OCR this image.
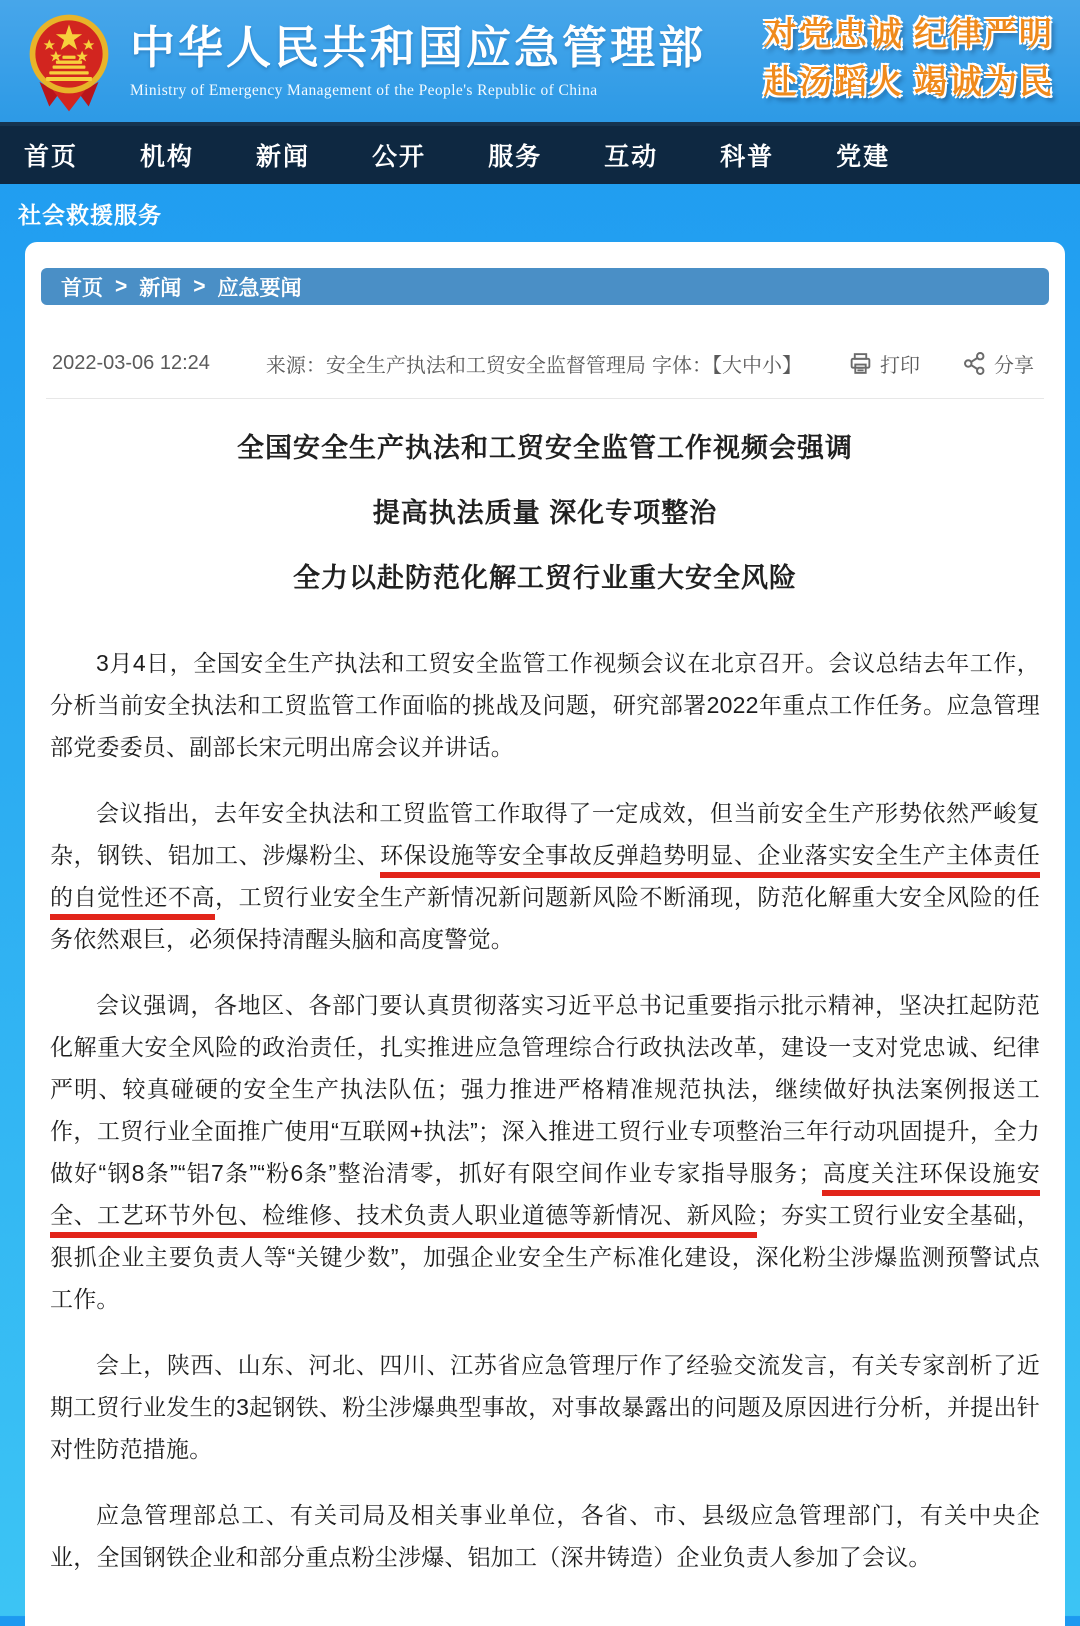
中华人民共和国应急管理部
Ministry of Emergency Management of the People's Republic of China
对党忠诚 纪律严明
赴汤蹈火 竭诚为民
首页 机构 新闻 公开 服务 互动 科普 党建
社会救援服务
首页 > 新闻 > 应急要闻
2022-03-06 12:24	来源：安全生产执法和工贸安全监督管理局 字体：【大中小】	打印	分享
全国安全生产执法和工贸安全监管工作视频会强调
提高执法质量 深化专项整治
全力以赴防范化解工贸行业重大安全风险

3月4日，全国安全生产执法和工贸安全监管工作视频会议在北京召开。会议总结去年工作，分析当前安全执法和工贸监管工作面临的挑战及问题，研究部署2022年重点工作任务。应急管理部党委委员、副部长宋元明出席会议并讲话。

会议指出，去年安全执法和工贸监管工作取得了一定成效，但当前安全生产形势依然严峻复杂，钢铁、铝加工、涉爆粉尘、环保设施等安全事故反弹趋势明显、企业落实安全生产主体责任的自觉性还不高，工贸行业安全生产新情况新问题新风险不断涌现，防范化解重大安全风险的任务依然艰巨，必须保持清醒头脑和高度警觉。

会议强调，各地区、各部门要认真贯彻落实习近平总书记重要指示批示精神，坚决扛起防范化解重大安全风险的政治责任，扎实推进应急管理综合行政执法改革，建设一支对党忠诚、纪律严明、较真碰硬的安全生产执法队伍；强力推进严格精准规范执法，继续做好执法案例报送工作，工贸行业全面推广使用“互联网+执法”；深入推进工贸行业专项整治三年行动巩固提升，全力做好“钢8条”“铝7条”“粉6条”整治清零，抓好有限空间作业专家指导服务；高度关注环保设施安全、工艺环节外包、检维修、技术负责人职业道德等新情况、新风险；夯实工贸行业安全基础，狠抓企业主要负责人等“关键少数”，加强企业安全生产标准化建设，深化粉尘涉爆监测预警试点工作。

会上，陕西、山东、河北、四川、江苏省应急管理厅作了经验交流发言，有关专家剖析了近期工贸行业发生的3起钢铁、粉尘涉爆典型事故，对事故暴露出的问题及原因进行分析，并提出针对性防范措施。

应急管理部总工、有关司局及相关事业单位，各省、市、县级应急管理部门，有关中央企业，全国钢铁企业和部分重点粉尘涉爆、铝加工（深井铸造）企业负责人参加了会议。
